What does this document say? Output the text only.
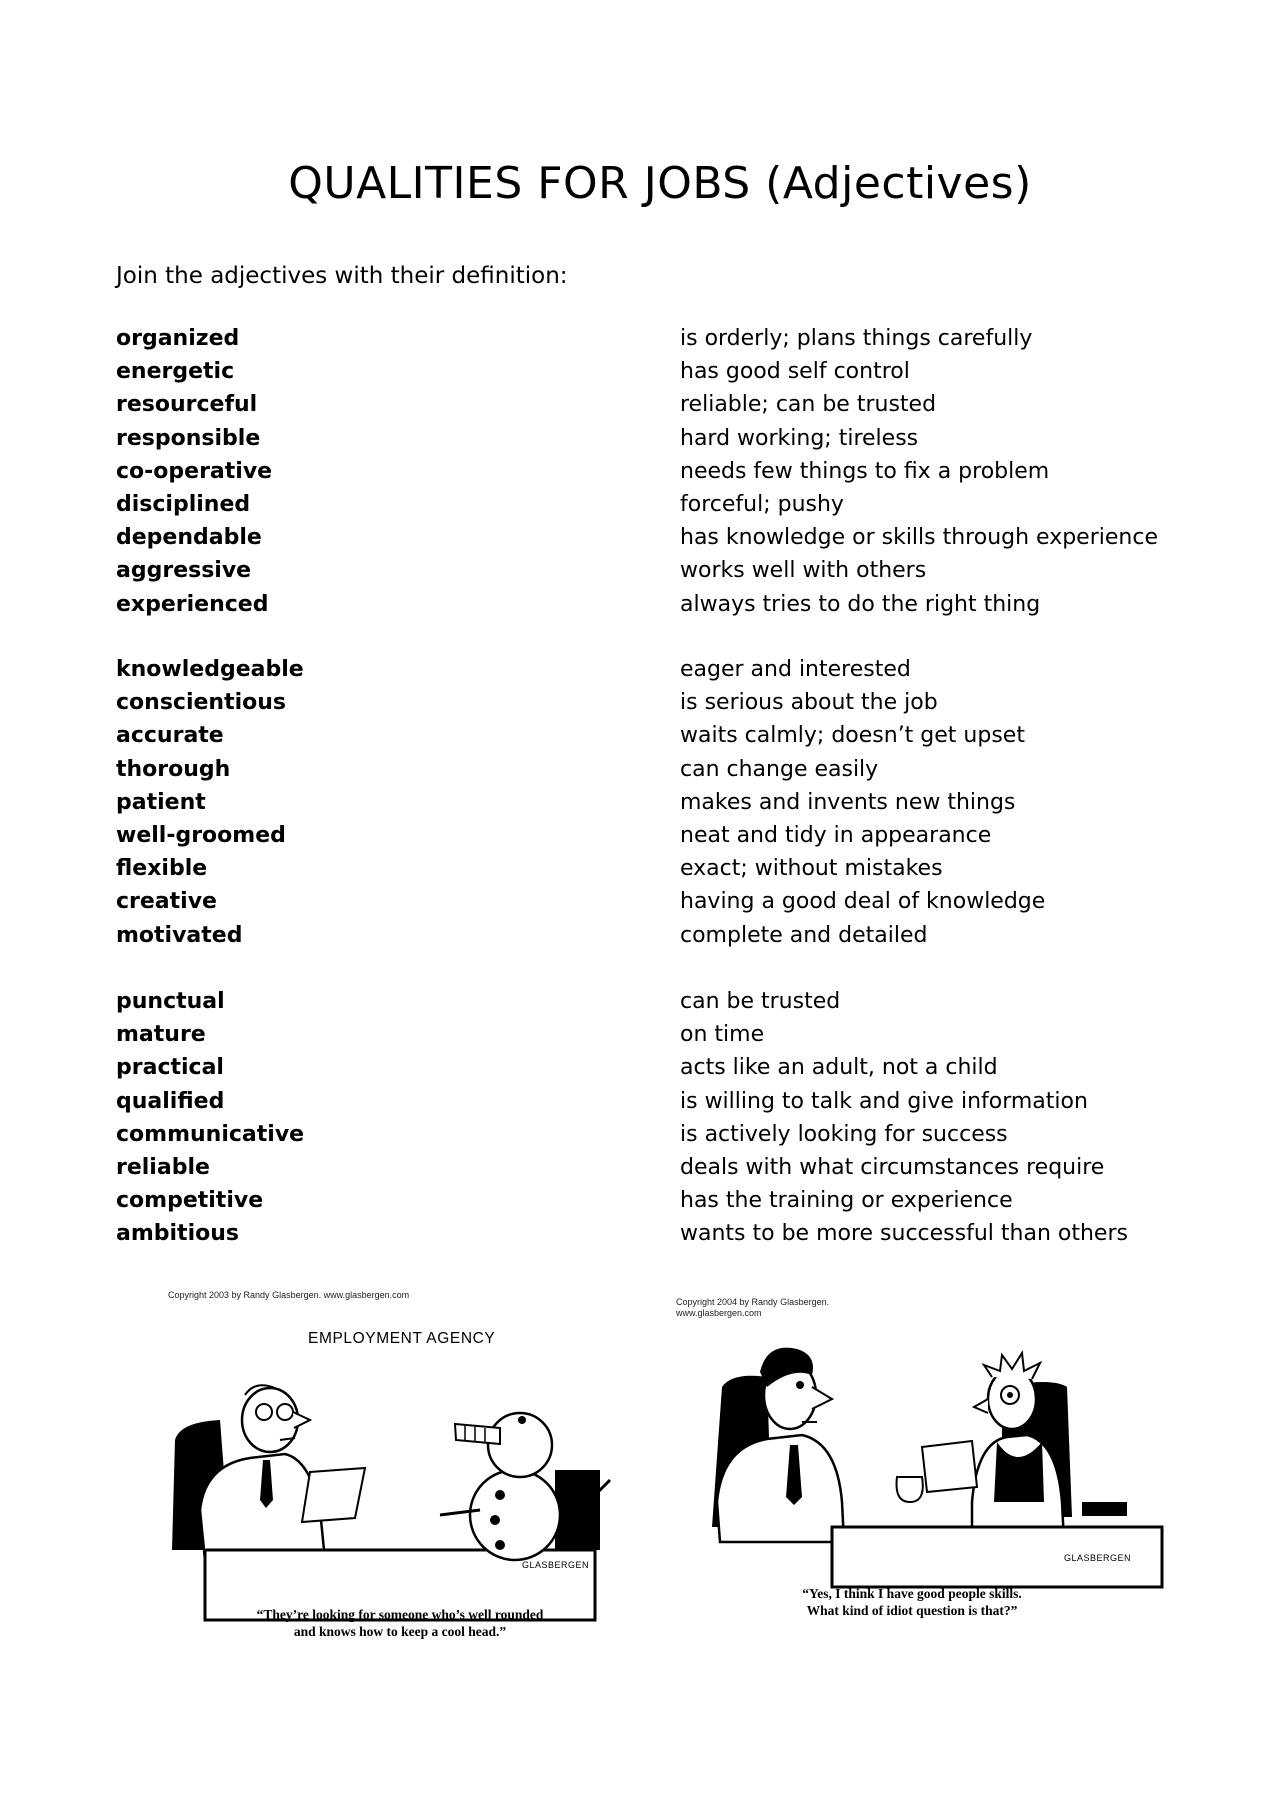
QUALITIES FOR JOBS (Adjectives)
Join the adjectives with their definition:
organized	is orderly; plans things carefully
energetic	has good self control
resourceful	reliable; can be trusted
responsible	hard working; tireless
co-operative	needs few things to fix a problem
disciplined	forceful; pushy
dependable	has knowledge or skills through experience
aggressive	works well with others
experienced	always tries to do the right thing
knowledgeable	eager and interested
conscientious	is serious about the job
accurate	waits calmly; doesn’t get upset
thorough	can change easily
patient	makes and invents new things
well-groomed	neat and tidy in appearance
flexible	exact; without mistakes
creative	having a good deal of knowledge
motivated	complete and detailed
punctual	can be trusted
mature	on time
practical	acts like an adult, not a child
qualified	is willing to talk and give information
communicative	is actively looking for success
reliable	deals with what circumstances require
competitive	has the training or experience
ambitious	wants to be more successful than others
Copyright 2003 by Randy Glasbergen. www.glasbergen.com
EMPLOYMENT AGENCY
GLASBERGEN
“They’re looking for someone who’s well rounded
and knows how to keep a cool head.”
Copyright 2004 by Randy Glasbergen.
www.glasbergen.com
GLASBERGEN
“Yes, I think I have good people skills.
What kind of idiot question is that?”
